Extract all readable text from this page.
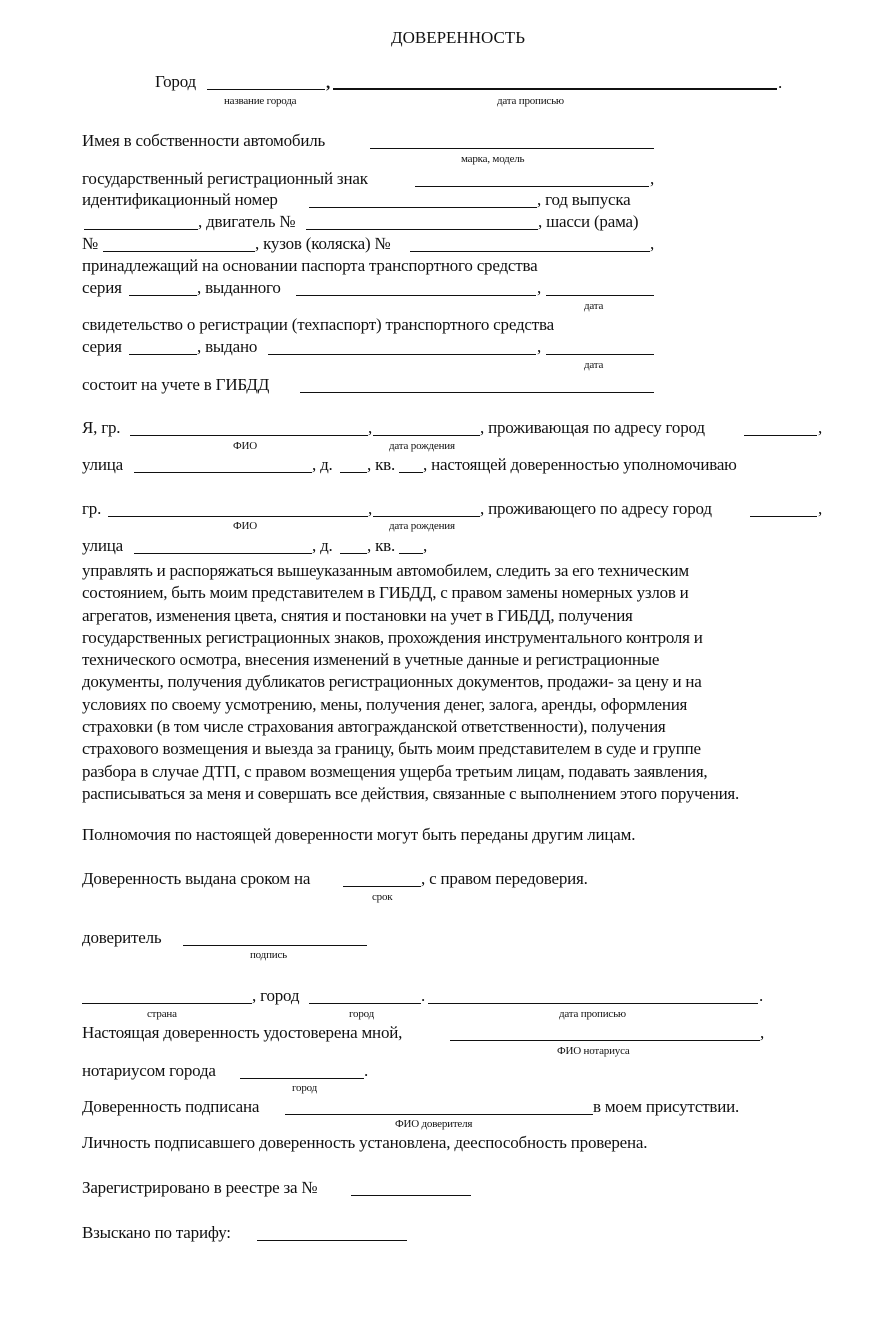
ДОВЕРЕННОСТЬ
Город	,	.
название города	дата прописью
Имея в собственности автомобиль
марка, модель
государственный регистрационный знак	,
идентификационный номер	, год выпуска
, двигатель №	, шасси (рама)
№	, кузов (коляска) №	,
принадлежащий на основании паспорта транспортного средства
серия	, выданного	,
дата
свидетельство о регистрации (техпаспорт) транспортного средства
серия	, выдано	,
дата
состоит на учете в ГИБДД
Я, гр.	,	, проживающая по адресу город	,
ФИО	дата рождения
улица	, д. , кв. , настоящей доверенностью уполномочиваю
гр.	,	, проживающего по адресу город	,
ФИО	дата рождения
улица	, д. , кв. ,
управлять и распоряжаться вышеуказанным автомобилем, следить за его техническим
состоянием, быть моим представителем в ГИБДД, с правом замены номерных узлов и
агрегатов, изменения цвета, снятия и постановки на учет в ГИБДД, получения
государственных регистрационных знаков, прохождения инструментального контроля и
технического осмотра, внесения изменений в учетные данные и регистрационные
документы, получения дубликатов регистрационных документов, продажи- за цену и на
условиях по своему усмотрению, мены, получения денег, залога, аренды, оформления
страховки (в том числе страхования автогражданской ответственности), получения
страхового возмещения и выезда за границу, быть моим представителем в суде и группе
разбора в случае ДТП, с правом возмещения ущерба третьим лицам, подавать заявления,
расписываться за меня и совершать все действия, связанные с выполнением этого поручения.
Полномочия по настоящей доверенности могут быть переданы другим лицам.
Доверенность выдана сроком на	, с правом передоверия.
срок
доверитель
подпись
, город	.	.
страна	город	дата прописью
Настоящая доверенность удостоверена мной,	,
ФИО нотариуса
нотариусом города	.
город
Доверенность подписана	в моем присутствии.
ФИО доверителя
Личность подписавшего доверенность установлена, дееспособность проверена.
Зарегистрировано в реестре за №
Взыскано по тарифу:
